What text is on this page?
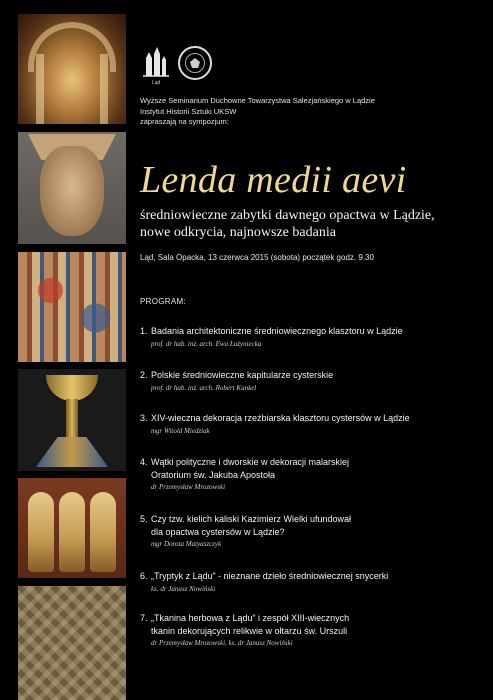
Ląd
Wyższe Seminarium Duchowne Towarzystwa Salezjańskiego w Lądzie
Instytut Historii Sztuki UKSW
zapraszają na sympozjum:
Lenda medii aevi
średniowieczne zabytki dawnego opactwa w Lądzie,
nowe odkrycia, najnowsze badania
Ląd, Sala Opacka, 13 czerwca 2015 (sobota) początek godz. 9.30
PROGRAM:
1. Badania architektoniczne średniowiecznego klasztoru w Lądzie
prof. dr hab. inż. arch. Ewa Łużyniecka
2. Polskie średniowieczne kapitularze cysterskie
prof. dr hab. inż. arch. Robert Kunkel
3. XIV-wieczna dekoracja rzeźbiarska klasztoru cystersów w Lądzie
mgr Witold Miedziak
4. Wątki polityczne i dworskie w dekoracji malarskiej
Oratorium św. Jakuba Apostoła
dr Przemysław Mrozowski
5. Czy tzw. kielich kaliski Kazimierz Wielki ufundował
dla opactwa cystersów w Lądzie?
mgr Dorota Matyaszczyk
6. „Tryptyk z Lądu” - nieznane dzieło średniowiecznej snycerki
ks. dr Janusz Nowiński
7. „Tkanina herbowa z Lądu” i zespół XIII-wiecznych
tkanin dekorujących relikwie w ołtarzu św. Urszuli
dr Przemysław Mrozowski, ks. dr Janusz Nowiński
